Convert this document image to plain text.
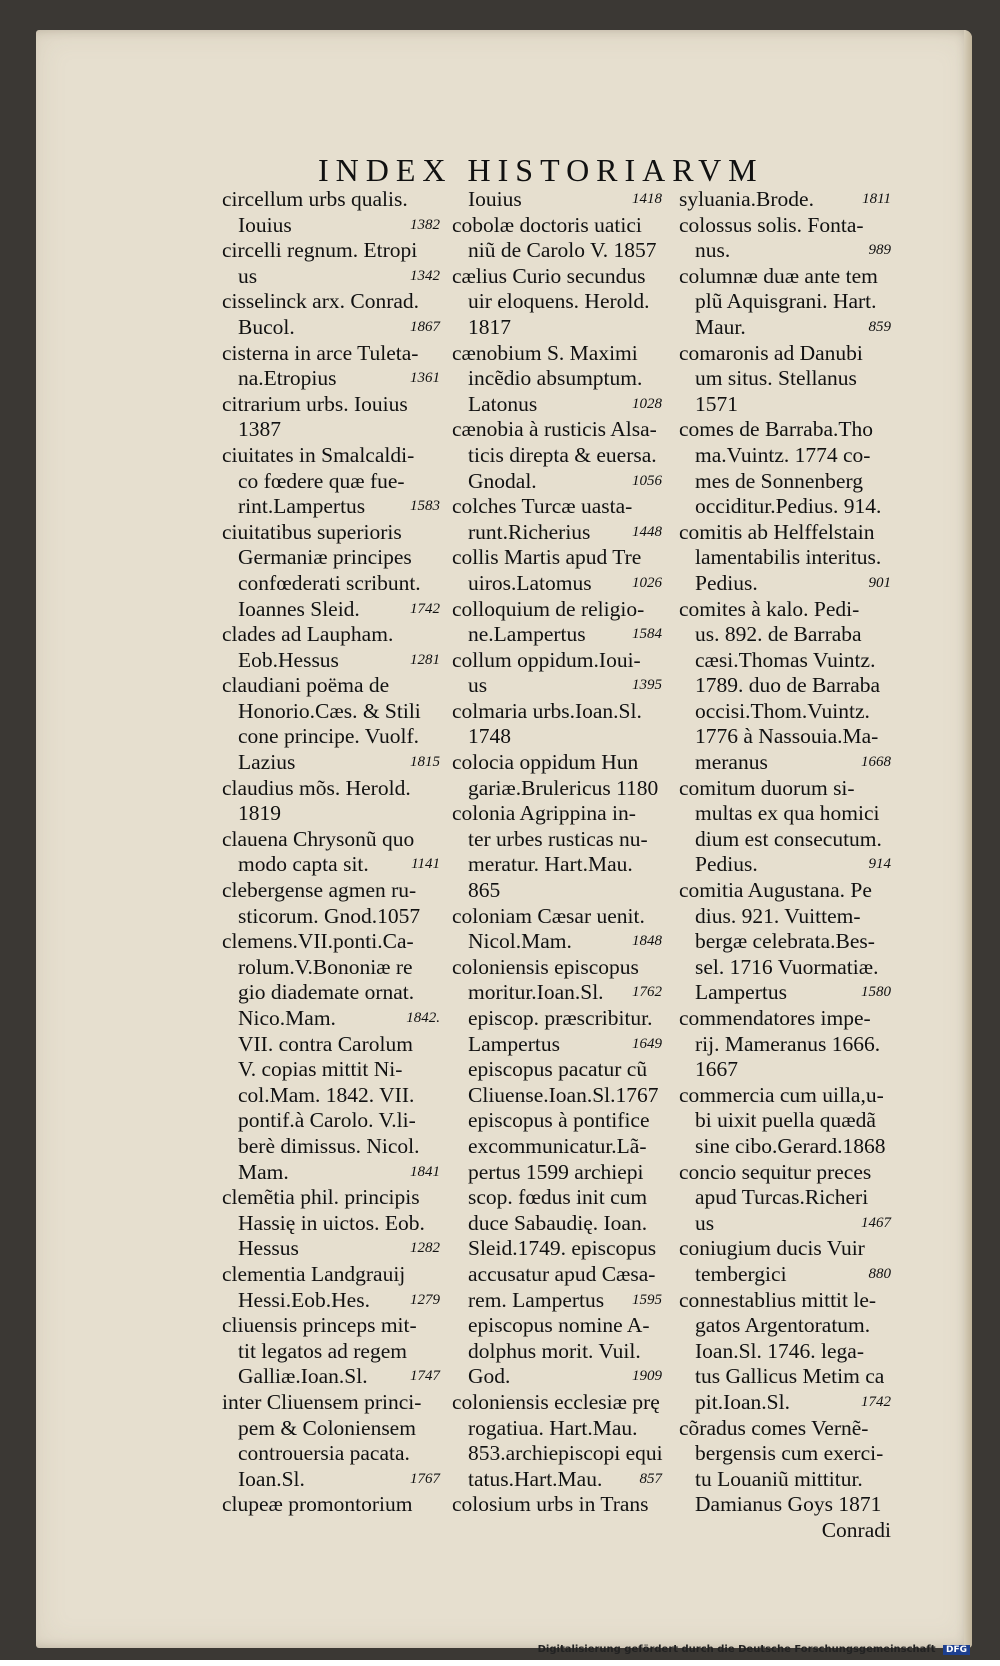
INDEX HISTORIARVM
circellum urbs qualis.
Iouius	1382
circelli regnum. Etropi
us	1342
cisselinck arx. Conrad.
Bucol.	1867
cisterna in arce Tuleta-
na.Etropius	1361
citrarium urbs. Iouius
1387
ciuitates in Smalcaldi-
co fœdere quæ fue-
rint.Lampertus	1583
ciuitatibus superioris
Germaniæ principes
confœderati scribunt.
Ioannes Sleid.	1742
clades ad Laupham.
Eob.Hessus	1281
claudiani poëma de
Honorio.Cæs. & Stili
cone principe. Vuolf.
Lazius	1815
claudius mõs. Herold.
1819
clauena Chrysonũ quo
modo capta sit.	1141
clebergense agmen ru-
sticorum. Gnod.1057
clemens.VII.ponti.Ca-
rolum.V.Bononiæ re
gio diademate ornat.
Nico.Mam.	1842.
VII. contra Carolum
V. copias mittit Ni-
col.Mam. 1842. VII.
pontif.à Carolo. V.li-
berè dimissus. Nicol.
Mam.	1841
clemẽtia phil. principis
Hassię in uictos. Eob.
Hessus	1282
clementia Landgrauij
Hessi.Eob.Hes.	1279
cliuensis princeps mit-
tit legatos ad regem
Galliæ.Ioan.Sl.	1747
inter Cliuensem princi-
pem & Coloniensem
controuersia pacata.
Ioan.Sl.	1767
clupeæ promontorium
Iouius	1418
cobolæ doctoris uatici
niũ de Carolo V. 1857
cælius Curio secundus
uir eloquens. Herold.
1817
cænobium S. Maximi
incẽdio absumptum.
Latonus	1028
cænobia à rusticis Alsa-
ticis direpta & euersa.
Gnodal.	1056
colches Turcæ uasta-
runt.Richerius	1448
collis Martis apud Tre
uiros.Latomus	1026
colloquium de religio-
ne.Lampertus	1584
collum oppidum.Ioui-
us	1395
colmaria urbs.Ioan.Sl.
1748
colocia oppidum Hun
gariæ.Brulericus 1180
colonia Agrippina in-
ter urbes rusticas nu-
meratur. Hart.Mau.
865
coloniam Cæsar uenit.
Nicol.Mam.	1848
coloniensis episcopus
moritur.Ioan.Sl. 1762
episcop. præscribitur.
Lampertus	1649
episcopus pacatur cũ
Cliuense.Ioan.Sl.1767
episcopus à pontifice
excommunicatur.Lã-
pertus 1599 archiepi
scop. fœdus init cum
duce Sabaudię. Ioan.
Sleid.1749. episcopus
accusatur apud Cæsa-
rem. Lampertus 1595
episcopus nomine A-
dolphus morit. Vuil.
God.	1909
coloniensis ecclesiæ prę
rogatiua. Hart.Mau.
853.archiepiscopi equi
tatus.Hart.Mau. 857
colosium urbs in Trans
syluania.Brode.	1811
colossus solis. Fonta-
nus.	989
columnæ duæ ante tem
plũ Aquisgrani. Hart.
Maur.	859
comaronis ad Danubi
um situs. Stellanus
1571
comes de Barraba.Tho
ma.Vuintz. 1774 co-
mes de Sonnenberg
occiditur.Pedius. 914.
comitis ab Helffelstain
lamentabilis interitus.
Pedius.	901
comites à kalo. Pedi-
us. 892. de Barraba
cæsi.Thomas Vuintz.
1789. duo de Barraba
occisi.Thom.Vuintz.
1776 à Nassouia.Ma-
meranus	1668
comitum duorum si-
multas ex qua homici
dium est consecutum.
Pedius.	914
comitia Augustana. Pe
dius. 921. Vuittem-
bergæ celebrata.Bes-
sel. 1716 Vuormatiæ.
Lampertus	1580
commendatores impe-
rij. Mameranus 1666.
1667
commercia cum uilla,u-
bi uixit puella quædã
sine cibo.Gerard.1868
concio sequitur preces
apud Turcas.Richeri
us	1467
coniugium ducis Vuir
tembergici	880
connestablius mittit le-
gatos Argentoratum.
Ioan.Sl. 1746. lega-
tus Gallicus Metim ca
pit.Ioan.Sl.	1742
cõradus comes Vernẽ-
bergensis cum exerci-
tu Louaniũ mittitur.
Damianus Goys 1871
Conradi
Digitalisierung gefördert durch die Deutsche Forschungsgemeinschaft DFG
